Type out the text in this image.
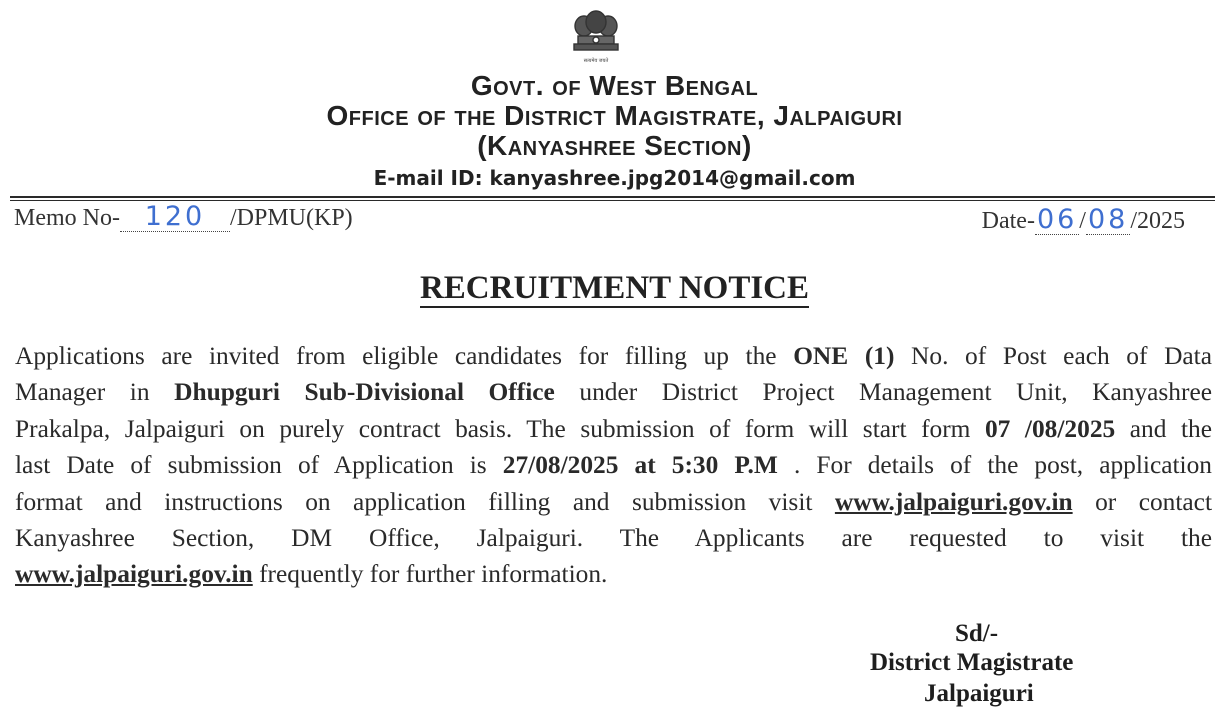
सत्यमेव जयते
Govt. of West Bengal
Office of the District Magistrate, Jalpaiguri
(Kanyashree Section)
E-mail ID: kanyashree.jpg2014@gmail.com
Memo No- 120 /DPMU(KP)	Date-06/08/2025
RECRUITMENT NOTICE
Applications are invited from eligible candidates for filling up the ONE (1) No. of Post each of Data
Manager in Dhupguri Sub-Divisional Office under District Project Management Unit, Kanyashree
Prakalpa, Jalpaiguri on purely contract basis. The submission of form will start form 07 /08/2025 and the
last Date of submission of Application is 27/08/2025 at 5:30 P.M . For details of the post, application
format and instructions on application filling and submission visit www.jalpaiguri.gov.in or contact
Kanyashree Section, DM Office, Jalpaiguri. The Applicants are requested to visit the
www.jalpaiguri.gov.in frequently for further information.
Sd/-
District Magistrate
Jalpaiguri
